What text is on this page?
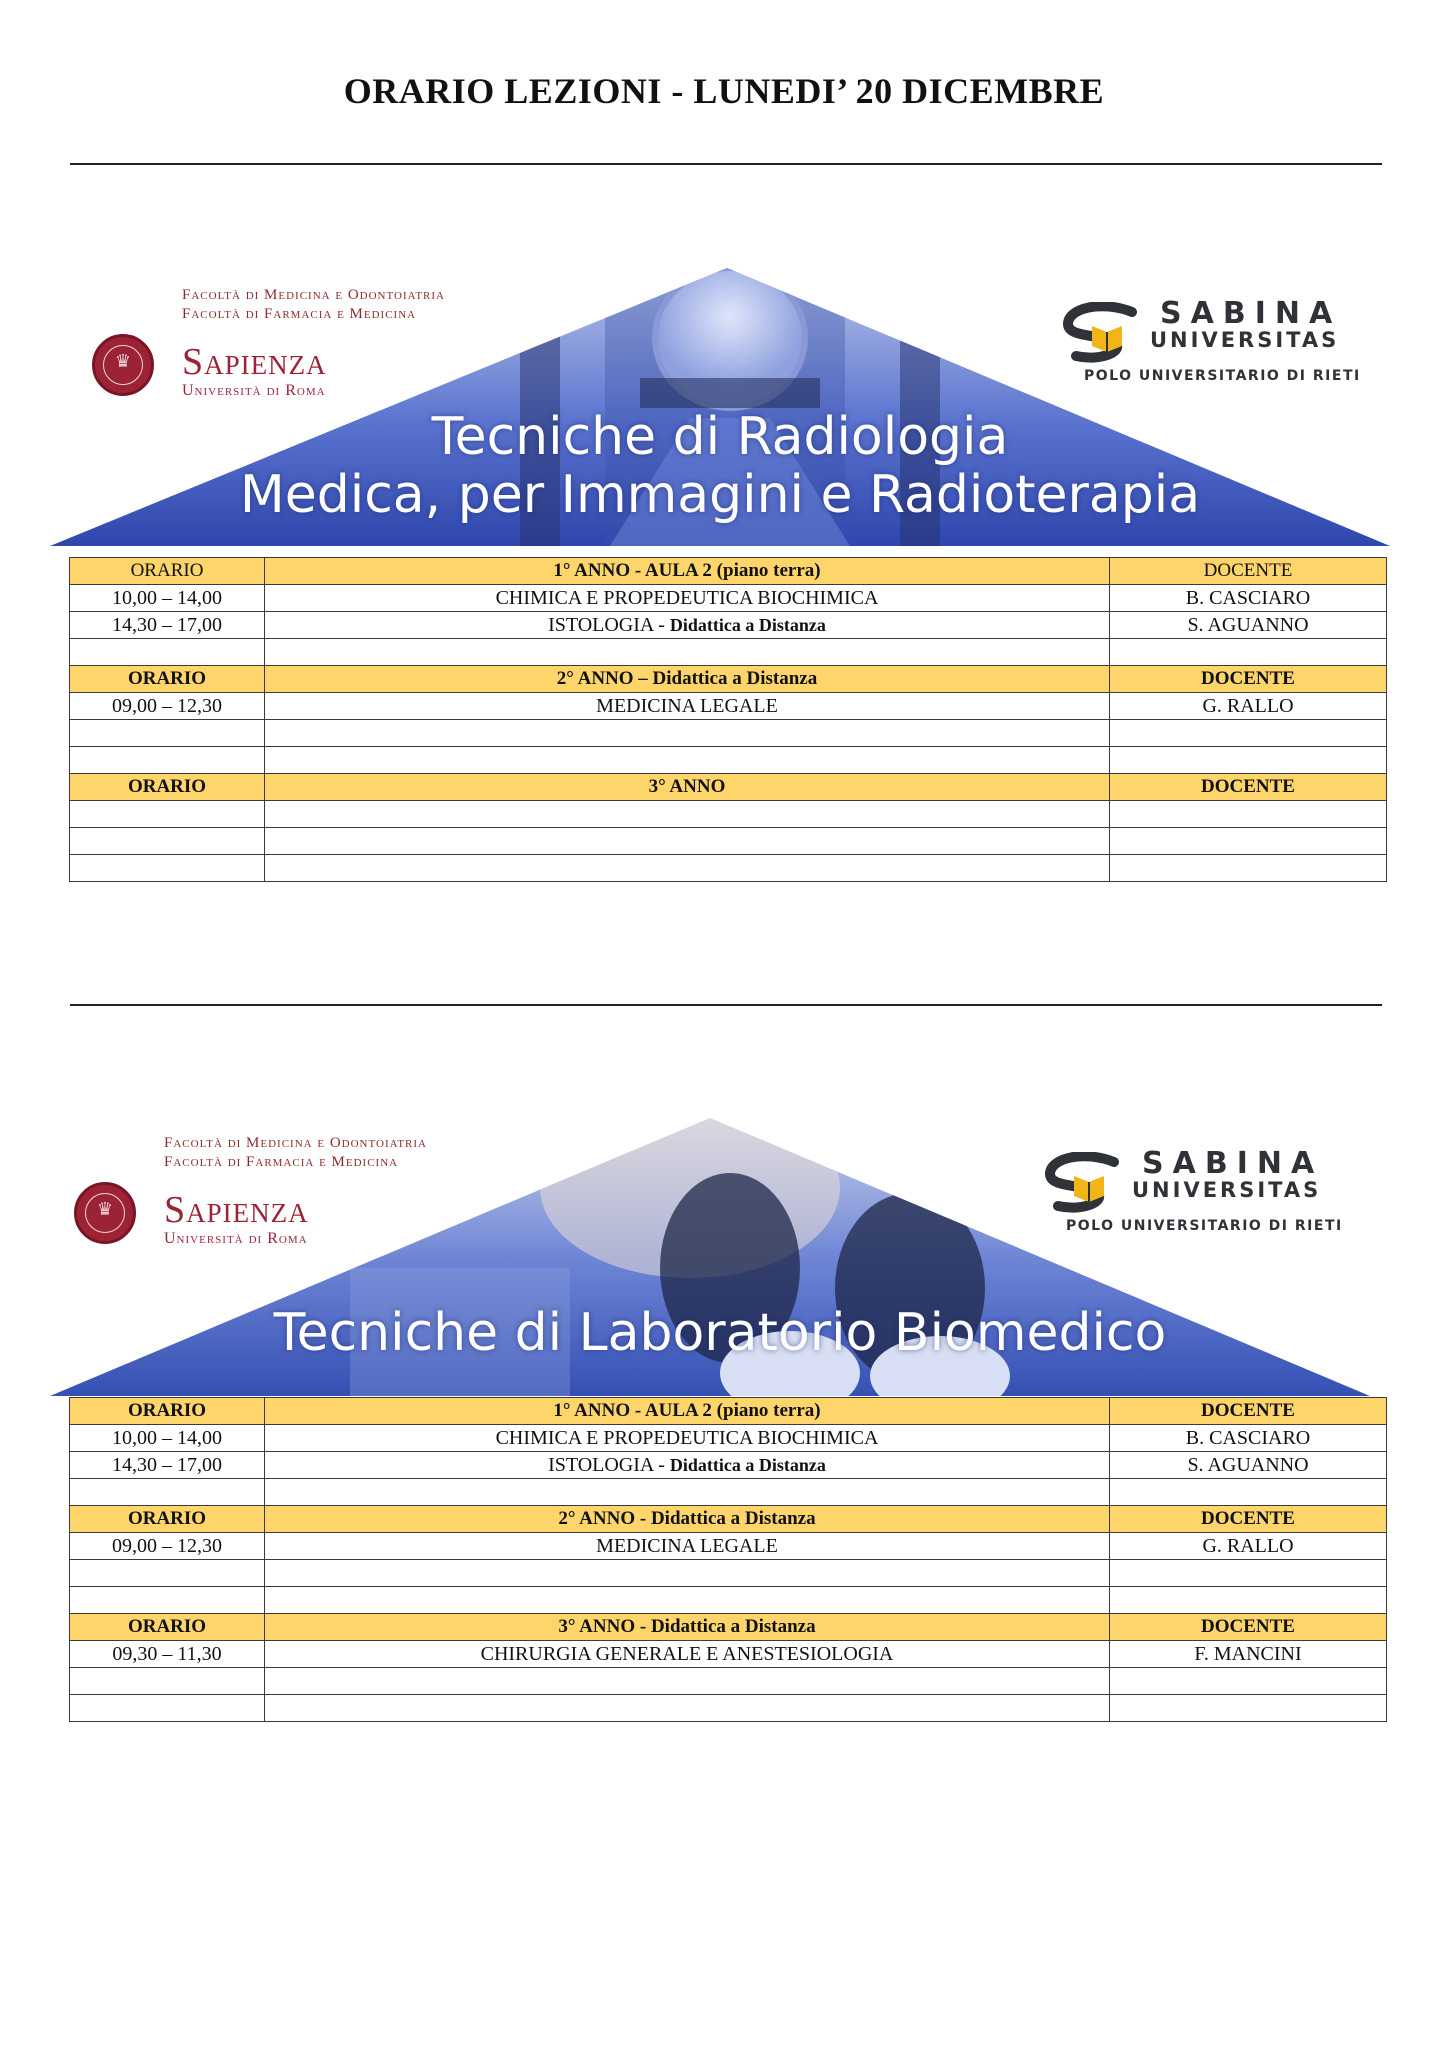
ORARIO LEZIONI - LUNEDI’ 20 DICEMBRE
Facoltà di Medicina e Odontoiatria
Facoltà di Farmacia e Medicina
♛	Sapienza
Università di Roma
SABINA
UNIVERSITAS
POLO UNIVERSITARIO DI RIETI
Tecniche di Radiologia
Medica, per Immagini e Radioterapia
ORARIO	1° ANNO - AULA 2 (piano terra)	DOCENTE
10,00 – 14,00	CHIMICA E PROPEDEUTICA BIOCHIMICA	B. CASCIARO
14,30 – 17,00	ISTOLOGIA - Didattica a Distanza	S. AGUANNO

ORARIO	2° ANNO – Didattica a Distanza	DOCENTE
09,00 – 12,30	MEDICINA LEGALE	G. RALLO

ORARIO	3° ANNO	DOCENTE

Facoltà di Medicina e Odontoiatria
Facoltà di Farmacia e Medicina
♛	Sapienza
Università di Roma
SABINA
UNIVERSITAS
POLO UNIVERSITARIO DI RIETI
Tecniche di Laboratorio Biomedico
ORARIO	1° ANNO - AULA 2 (piano terra)	DOCENTE
10,00 – 14,00	CHIMICA E PROPEDEUTICA BIOCHIMICA	B. CASCIARO
14,30 – 17,00	ISTOLOGIA - Didattica a Distanza	S. AGUANNO

ORARIO	2° ANNO - Didattica a Distanza	DOCENTE
09,00 – 12,30	MEDICINA LEGALE	G. RALLO

ORARIO	3° ANNO - Didattica a Distanza	DOCENTE
09,30 – 11,30	CHIRURGIA GENERALE E ANESTESIOLOGIA	F. MANCINI
